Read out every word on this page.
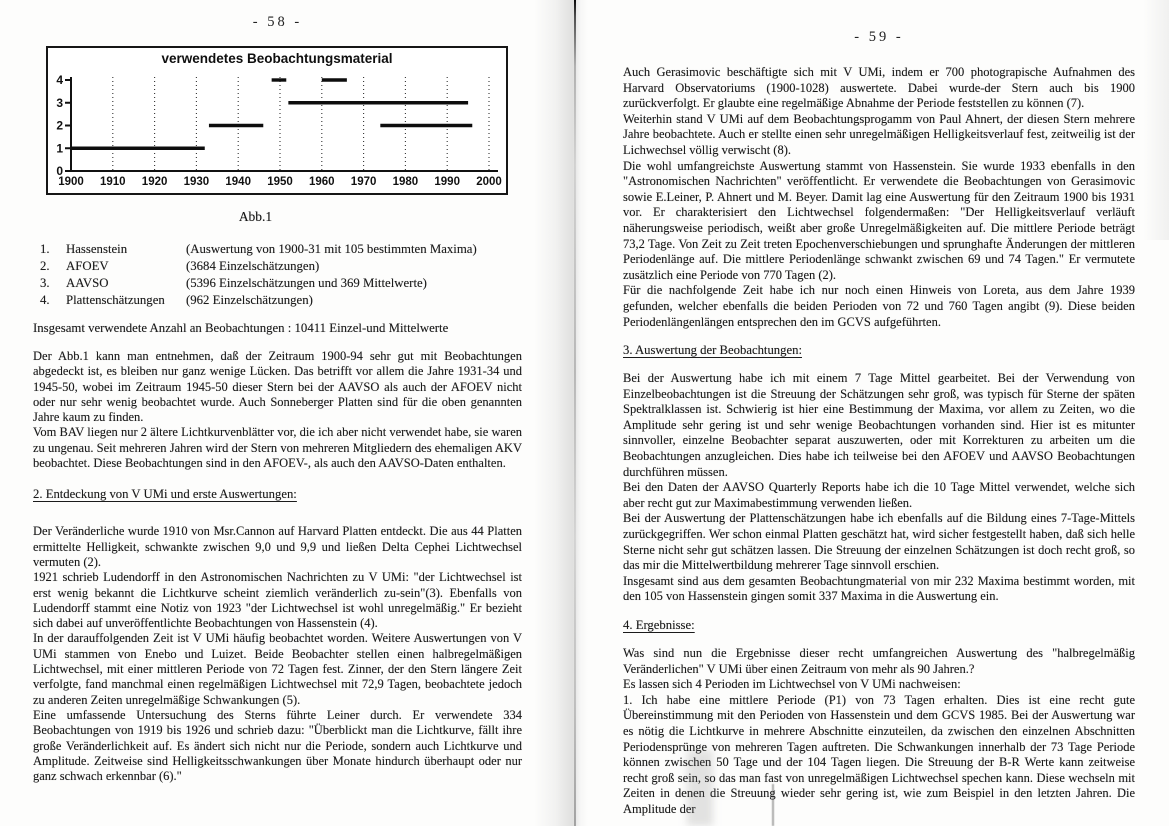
- 58 -

verwendetes Beobachtungsmaterial
0
1
2
3
4
1900 1910 1920 1930 1940 1950 1960 1970 1980 1990 2000

Abb.1

1.	Hassenstein	(Auswertung von 1900-31 mit 105 bestimmten Maxima)
2.	AFOEV	(3684 Einzelschätzungen)
3.	AAVSO	(5396 Einzelschätzungen und 369 Mittelwerte)
4.	Plattenschätzungen	(962 Einzelschätzungen)

Insgesamt verwendete Anzahl an Beobachtungen : 10411 Einzel-und Mittelwerte

Der Abb.1 kann man entnehmen, daß der Zeitraum 1900-94 sehr gut mit Beobachtungen abgedeckt ist, es bleiben nur ganz wenige Lücken. Das betrifft vor allem die Jahre 1931-34 und 1945-50, wobei im Zeitraum 1945-50 dieser Stern bei der AAVSO als auch der AFOEV nicht oder nur sehr wenig beobachtet wurde. Auch Sonneberger Platten sind für die oben genannten Jahre kaum zu finden.

Vom BAV liegen nur 2 ältere Lichtkurvenblätter vor, die ich aber nicht verwendet habe, sie waren zu ungenau. Seit mehreren Jahren wird der Stern von mehreren Mitgliedern des ehemaligen AKV beobachtet. Diese Beobachtungen sind in den AFOEV-, als auch den AAVSO-Daten enthalten.

2. Entdeckung von V UMi und erste Auswertungen:

Der Veränderliche wurde 1910 von Msr.Cannon auf Harvard Platten entdeckt. Die aus 44 Platten ermittelte Helligkeit, schwankte zwischen 9,0 und 9,9 und ließen Delta Cephei Lichtwechsel vermuten (2).

1921 schrieb Ludendorff in den Astronomischen Nachrichten zu V UMi: "der Lichtwechsel ist erst wenig bekannt die Lichtkurve scheint ziemlich veränderlich zu-sein"(3). Ebenfalls von Ludendorff stammt eine Notiz von 1923 "der Lichtwechsel ist wohl unregelmäßig." Er bezieht sich dabei auf unveröffentlichte Beobachtungen von Hassenstein (4).

In der darauffolgenden Zeit ist V UMi häufig beobachtet worden. Weitere Auswertungen von V UMi stammen von Enebo und Luizet. Beide Beobachter stellen einen halbregelmäßigen Lichtwechsel, mit einer mittleren Periode von 72 Tagen fest. Zinner, der den Stern längere Zeit verfolgte, fand manchmal einen regelmäßigen Lichtwechsel mit 72,9 Tagen, beobachtete jedoch zu anderen Zeiten unregelmäßige Schwankungen (5).

Eine umfassende Untersuchung des Sterns führte Leiner durch. Er verwendete 334 Beobachtungen von 1919 bis 1926 und schrieb dazu: "Überblickt man die Lichtkurve, fällt ihre große Veränderlichkeit auf. Es ändert sich nicht nur die Periode, sondern auch Lichtkurve und Amplitude. Zeitweise sind Helligkeitsschwankungen über Monate hindurch überhaupt oder nur ganz schwach erkennbar (6)."

- 59 -

Auch Gerasimovic beschäftigte sich mit V UMi, indem er 700 photograpische Aufnahmen des Harvard Observatoriums (1900-1028) auswertete. Dabei wurde-der Stern auch bis 1900 zurückverfolgt. Er glaubte eine regelmäßige Abnahme der Periode feststellen zu können (7).

Weiterhin stand V UMi auf dem Beobachtungsprogamm von Paul Ahnert, der diesen Stern mehrere Jahre beobachtete. Auch er stellte einen sehr unregelmäßigen Helligkeitsverlauf fest, zeitweilig ist der Lichwechsel völlig verwischt (8).

Die wohl umfangreichste Auswertung stammt von Hassenstein. Sie wurde 1933 ebenfalls in den "Astronomischen Nachrichten" veröffentlicht. Er verwendete die Beobachtungen von Gerasimovic sowie E.Leiner, P. Ahnert und M. Beyer. Damit lag eine Auswertung für den Zeitraum 1900 bis 1931 vor. Er charakterisiert den Lichtwechsel folgendermaßen: "Der Helligkeitsverlauf verläuft näherungsweise periodisch, weißt aber große Unregelmäßigkeiten auf. Die mittlere Periode beträgt 73,2 Tage. Von Zeit zu Zeit treten Epochenverschiebungen und sprunghafte Änderungen der mittleren Periodenlänge auf. Die mittlere Periodenlänge schwankt zwischen 69 und 74 Tagen." Er vermutete zusätzlich eine Periode von 770 Tagen (2).

Für die nachfolgende Zeit habe ich nur noch einen Hinweis von Loreta, aus dem Jahre 1939 gefunden, welcher ebenfalls die beiden Perioden von 72 und 760 Tagen angibt (9). Diese beiden Periodenlängenlängen entsprechen den im GCVS aufgeführten.

3. Auswertung der Beobachtungen:

Bei der Auswertung habe ich mit einem 7 Tage Mittel gearbeitet. Bei der Verwendung von Einzelbeobachtungen ist die Streuung der Schätzungen sehr groß, was typisch für Sterne der späten Spektralklassen ist. Schwierig ist hier eine Bestimmung der Maxima, vor allem zu Zeiten, wo die Amplitude sehr gering ist und sehr wenige Beobachtungen vorhanden sind. Hier ist es mitunter sinnvoller, einzelne Beobachter separat auszuwerten, oder mit Korrekturen zu arbeiten um die Beobachtungen anzugleichen. Dies habe ich teilweise bei den AFOEV und AAVSO Beobachtungen durchführen müssen.

Bei den Daten der AAVSO Quarterly Reports habe ich die 10 Tage Mittel verwendet, welche sich aber recht gut zur Maximabestimmung verwenden ließen.

Bei der Auswertung der Plattenschätzungen habe ich ebenfalls auf die Bildung eines 7-Tage-Mittels zurückgegriffen. Wer schon einmal Platten geschätzt hat, wird sicher festgestellt haben, daß sich helle Sterne nicht sehr gut schätzen lassen. Die Streuung der einzelnen Schätzungen ist doch recht groß, so das mir die Mittelwertbildung mehrerer Tage sinnvoll erschien.

Insgesamt sind aus dem gesamten Beobachtungmaterial von mir 232 Maxima bestimmt worden, mit den 105 von Hassenstein gingen somit 337 Maxima in die Auswertung ein.

4. Ergebnisse:

Was sind nun die Ergebnisse dieser recht umfangreichen Auswertung des "halbregelmäßig Veränderlichen" V UMi über einen Zeitraum von mehr als 90 Jahren.?

Es lassen sich 4 Perioden im Lichtwechsel von V UMi nachweisen:

1. Ich habe eine mittlere Periode (P1) von 73 Tagen erhalten. Dies ist eine recht gute Übereinstimmung mit den Perioden von Hassenstein und dem GCVS 1985. Bei der Auswertung war es nötig die Lichtkurve in mehrere Abschnitte einzuteilen, da zwischen den einzelnen Abschnitten Periodensprünge von mehreren Tagen auftreten. Die Schwankungen innerhalb der 73 Tage Periode können zwischen 50 Tage und der 104 Tagen liegen. Die Streuung der B-R Werte kann zeitweise recht groß sein, so das man fast von unregelmäßigen Lichtwechsel spechen kann. Diese wechseln mit Zeiten in denen die Streuung wieder sehr gering ist, wie zum Beispiel in den letzten Jahren. Die Amplitude der
